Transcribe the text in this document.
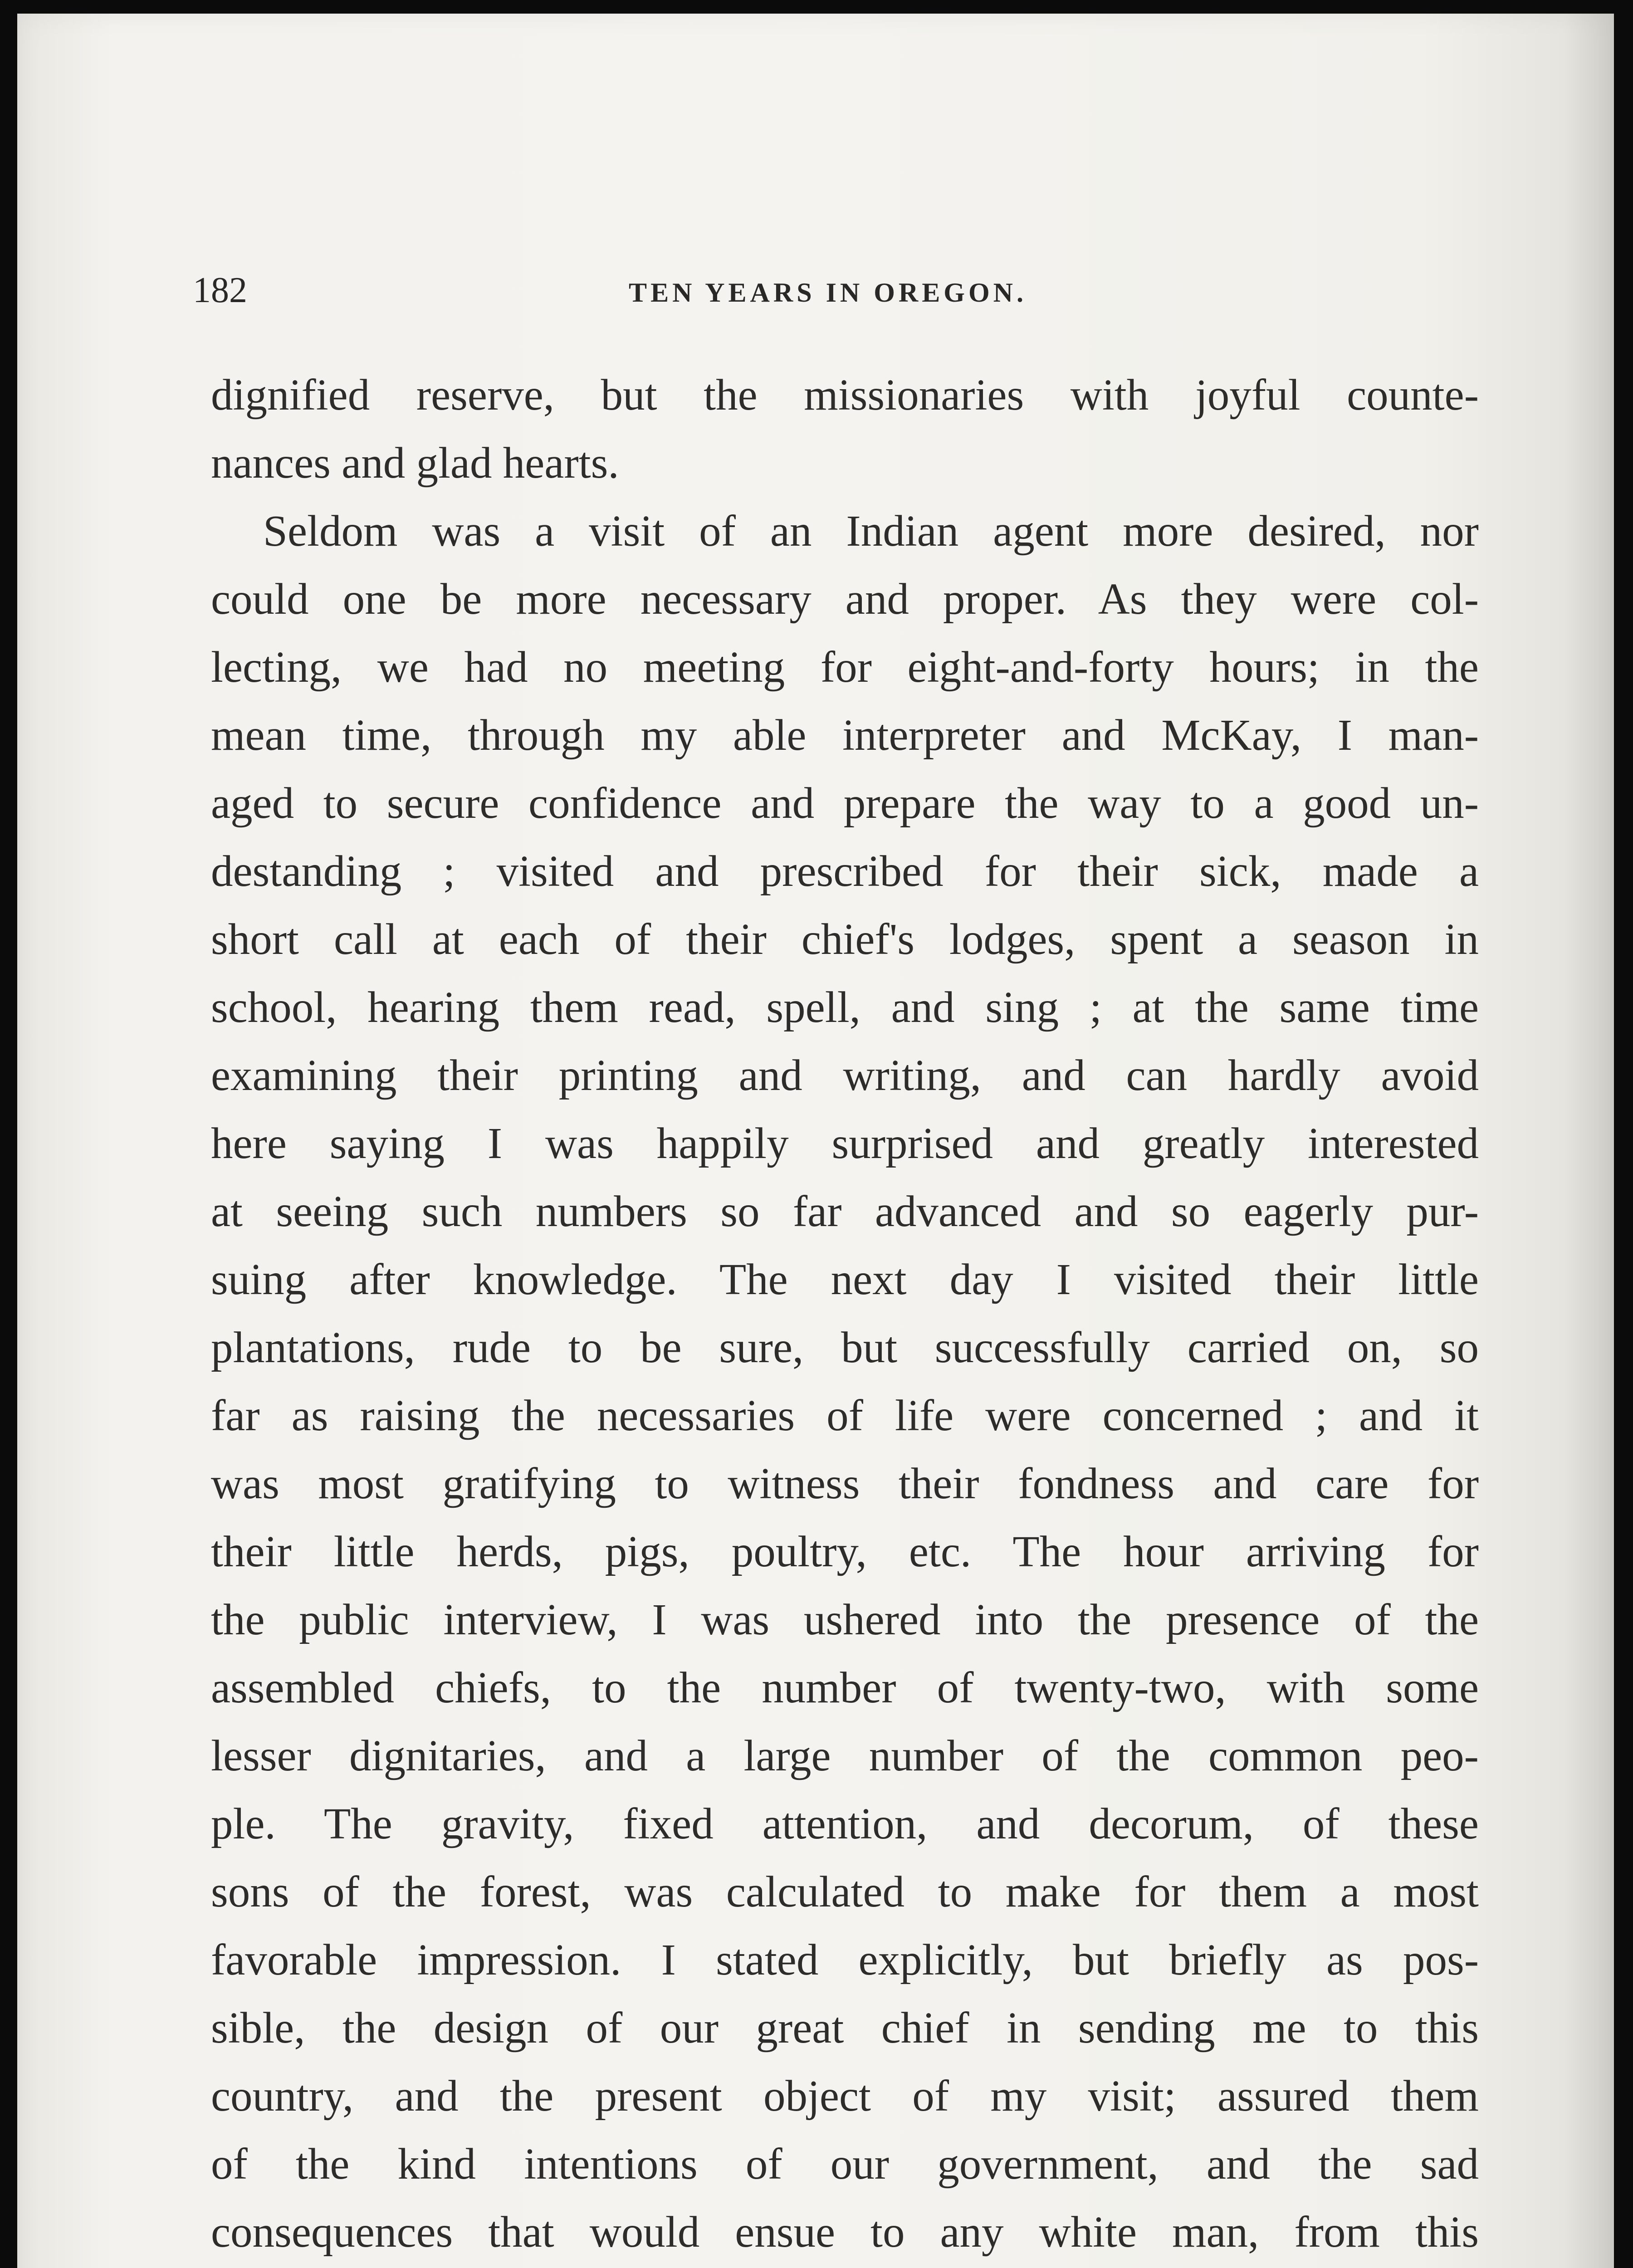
182	TEN YEARS IN OREGON.
dignified reserve, but the missionaries with joyful counte-
nances and glad hearts.
Seldom was a visit of an Indian agent more desired, nor
could one be more necessary and proper. As they were col-
lecting, we had no meeting for eight-and-forty hours; in the
mean time, through my able interpreter and McKay, I man-
aged to secure confidence and prepare the way to a good un-
destanding ; visited and prescribed for their sick, made a
short call at each of their chief's lodges, spent a season in
school, hearing them read, spell, and sing ; at the same time
examining their printing and writing, and can hardly avoid
here saying I was happily surprised and greatly interested
at seeing such numbers so far advanced and so eagerly pur-
suing after knowledge. The next day I visited their little
plantations, rude to be sure, but successfully carried on, so
far as raising the necessaries of life were concerned ; and it
was most gratifying to witness their fondness and care for
their little herds, pigs, poultry, etc. The hour arriving for
the public interview, I was ushered into the presence of the
assembled chiefs, to the number of twenty-two, with some
lesser dignitaries, and a large number of the common peo-
ple. The gravity, fixed attention, and decorum, of these
sons of the forest, was calculated to make for them a most
favorable impression. I stated explicitly, but briefly as pos-
sible, the design of our great chief in sending me to this
country, and the present object of my visit; assured them
of the kind intentions of our government, and the sad
consequences that would ensue to any white man, from this
